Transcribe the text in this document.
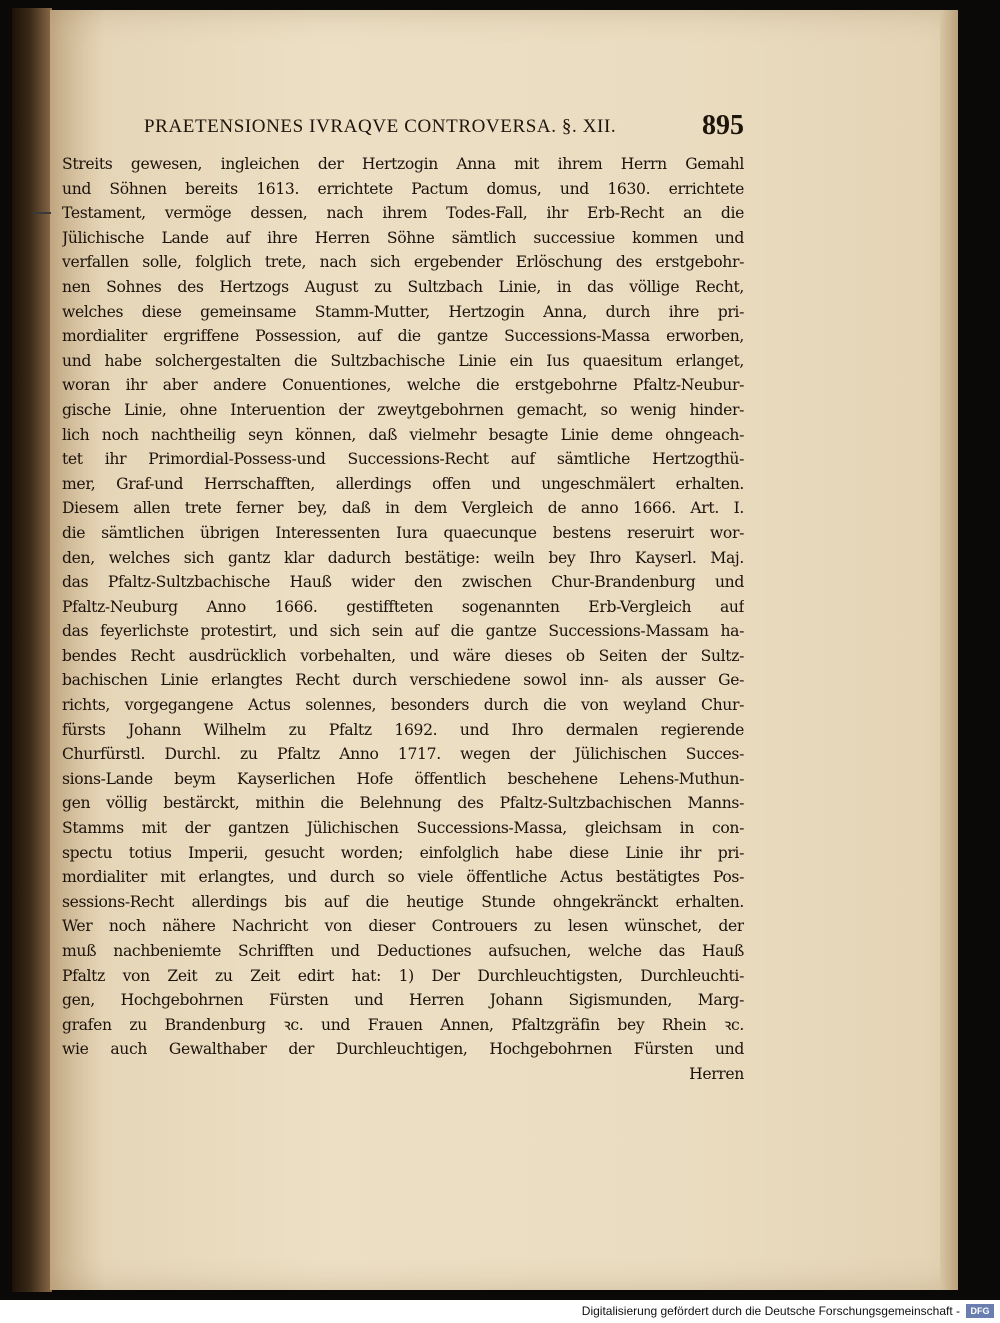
PRAETENSIONES IVRAQVE CONTROVERSA. §. XII.	895
Streits gewesen, ingleichen der Hertzogin Anna mit ihrem Herrn Gemahl
und Söhnen bereits 1613. errichtete Pactum domus, und 1630. errichtete
Testament, vermöge dessen, nach ihrem Todes-Fall, ihr Erb-Recht an die
Jülichische Lande auf ihre Herren Söhne sämtlich successiue kommen und
verfallen solle, folglich trete, nach sich ergebender Erlöschung des erstgebohr-
nen Sohnes des Hertzogs August zu Sultzbach Linie, in das völlige Recht,
welches diese gemeinsame Stamm-Mutter, Hertzogin Anna, durch ihre pri-
mordialiter ergriffene Possession, auf die gantze Successions-Massa erworben,
und habe solchergestalten die Sultzbachische Linie ein Ius quaesitum erlanget,
woran ihr aber andere Conuentiones, welche die erstgebohrne Pfaltz-Neubur-
gische Linie, ohne Interuention der zweytgebohrnen gemacht, so wenig hinder-
lich noch nachtheilig seyn können, daß vielmehr besagte Linie deme ohngeach-
tet ihr Primordial-Possess-und Successions-Recht auf sämtliche Hertzogthü-
mer, Graf-und Herrschafften, allerdings offen und ungeschmälert erhalten.
Diesem allen trete ferner bey, daß in dem Vergleich de anno 1666. Art. I.
die sämtlichen übrigen Interessenten Iura quaecunque bestens reseruirt wor-
den, welches sich gantz klar dadurch bestätige: weiln bey Ihro Kayserl. Maj.
das Pfaltz-Sultzbachische Hauß wider den zwischen Chur-Brandenburg und
Pfaltz-Neuburg Anno 1666. gestiffteten sogenannten Erb-Vergleich auf
das feyerlichste protestirt, und sich sein auf die gantze Successions-Massam ha-
bendes Recht ausdrücklich vorbehalten, und wäre dieses ob Seiten der Sultz-
bachischen Linie erlangtes Recht durch verschiedene sowol inn- als ausser Ge-
richts, vorgegangene Actus solennes, besonders durch die von weyland Chur-
fürsts Johann Wilhelm zu Pfaltz 1692. und Ihro dermalen regierende
Churfürstl. Durchl. zu Pfaltz Anno 1717. wegen der Jülichischen Succes-
sions-Lande beym Kayserlichen Hofe öffentlich beschehene Lehens-Muthun-
gen völlig bestärckt, mithin die Belehnung des Pfaltz-Sultzbachischen Manns-
Stamms mit der gantzen Jülichischen Successions-Massa, gleichsam in con-
spectu totius Imperii, gesucht worden; einfolglich habe diese Linie ihr pri-
mordialiter mit erlangtes, und durch so viele öffentliche Actus bestätigtes Pos-
sessions-Recht allerdings bis auf die heutige Stunde ohngekränckt erhalten.
Wer noch nähere Nachricht von dieser Controuers zu lesen wünschet, der
muß nachbeniemte Schrifften und Deductiones aufsuchen, welche das Hauß
Pfaltz von Zeit zu Zeit edirt hat: 1) Der Durchleuchtigsten, Durchleuchti-
gen, Hochgebohrnen Fürsten und Herren Johann Sigismunden, Marg-
grafen zu Brandenburg ꝛc. und Frauen Annen, Pfaltzgräfin bey Rhein ꝛc.
wie auch Gewalthaber der Durchleuchtigen, Hochgebohrnen Fürsten und
Herren
Digitalisierung gefördert durch die Deutsche Forschungsgemeinschaft -	DFG
